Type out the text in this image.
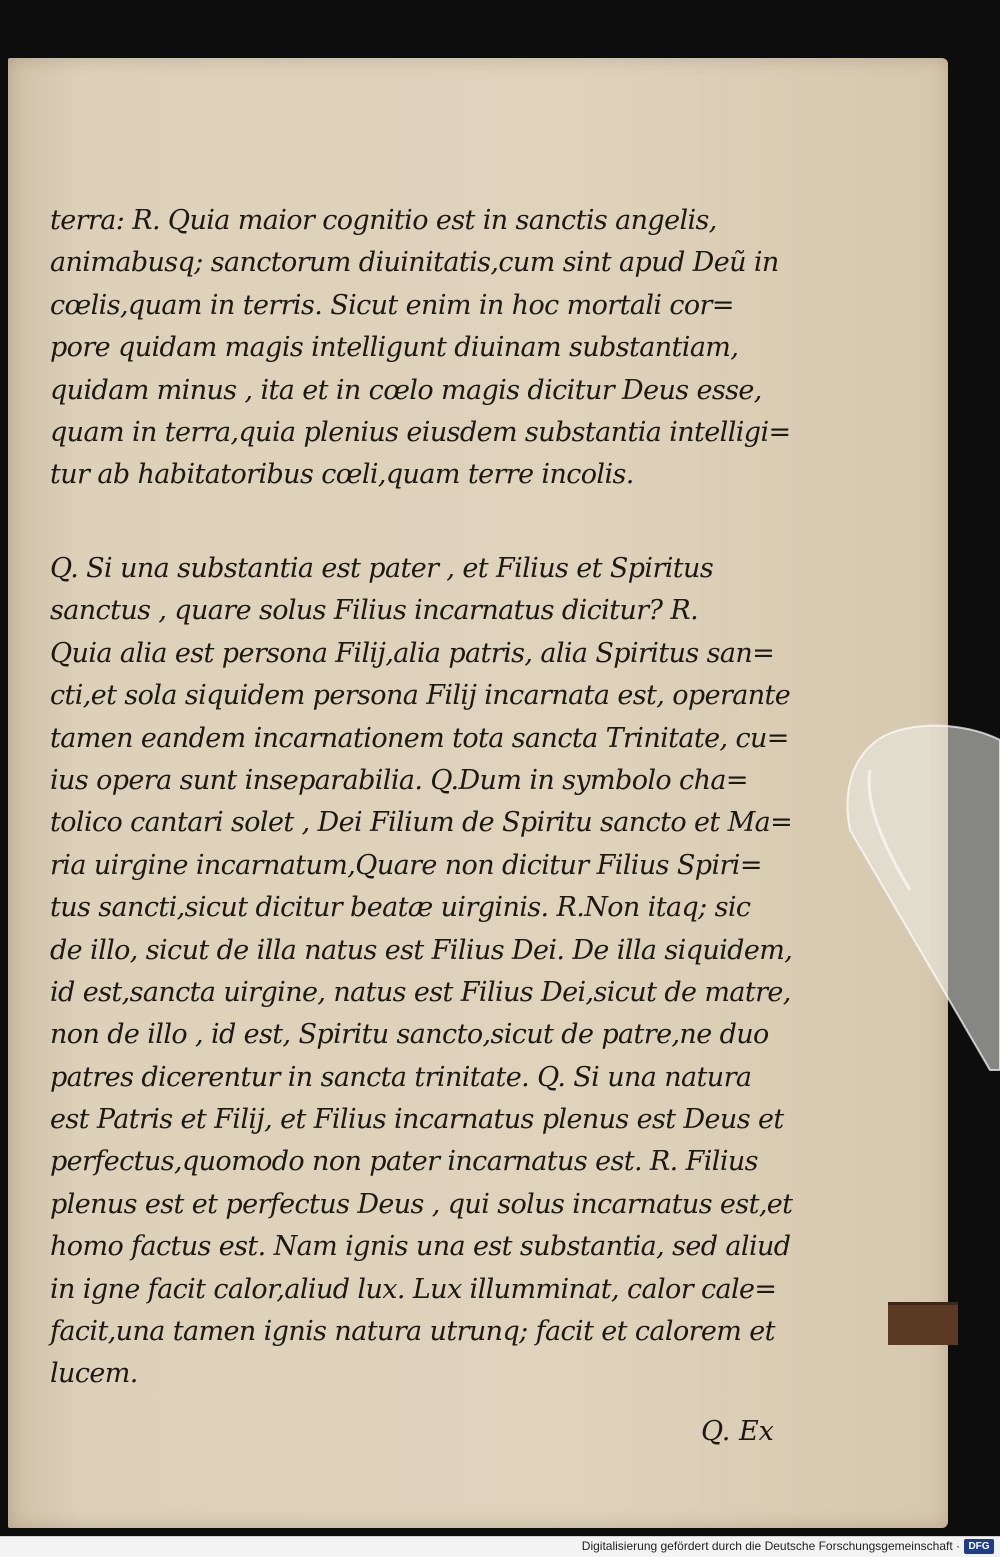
terra: R. Quia maior cognitio est in sanctis angelis,
animabusq; sanctorum diuinitatis,cum sint apud Deũ in
cœlis,quam in terris. Sicut enim in hoc mortali cor=
pore quidam magis intelligunt diuinam substantiam,
quidam minus , ita et in cœlo magis dicitur Deus esse,
quam in terra,quia plenius eiusdem substantia intelligi=
tur ab habitatoribus cœli,quam terre incolis.
Q. Si una substantia est pater , et Filius et Spiritus
sanctus , quare solus Filius incarnatus dicitur? R.
Quia alia est persona Filij,alia patris, alia Spiritus san=
cti,et sola siquidem persona Filij incarnata est, operante
tamen eandem incarnationem tota sancta Trinitate, cu=
ius opera sunt inseparabilia. Q.Dum in symbolo cha=
tolico cantari solet , Dei Filium de Spiritu sancto et Ma=
ria uirgine incarnatum,Quare non dicitur Filius Spiri=
tus sancti,sicut dicitur beatæ uirginis. R.Non itaq; sic
de illo, sicut de illa natus est Filius Dei. De illa siquidem,
id est,sancta uirgine, natus est Filius Dei,sicut de matre,
non de illo , id est, Spiritu sancto,sicut de patre,ne duo
patres dicerentur in sancta trinitate. Q. Si una natura
est Patris et Filij, et Filius incarnatus plenus est Deus et
perfectus,quomodo non pater incarnatus est. R. Filius
plenus est et perfectus Deus , qui solus incarnatus est,et
homo factus est. Nam ignis una est substantia, sed aliud
in igne facit calor,aliud lux. Lux illumminat, calor cale=
facit,una tamen ignis natura utrunq; facit et calorem et
lucem.
Q. Ex
Digitalisierung gefördert durch die Deutsche Forschungsgemeinschaft · DFG
